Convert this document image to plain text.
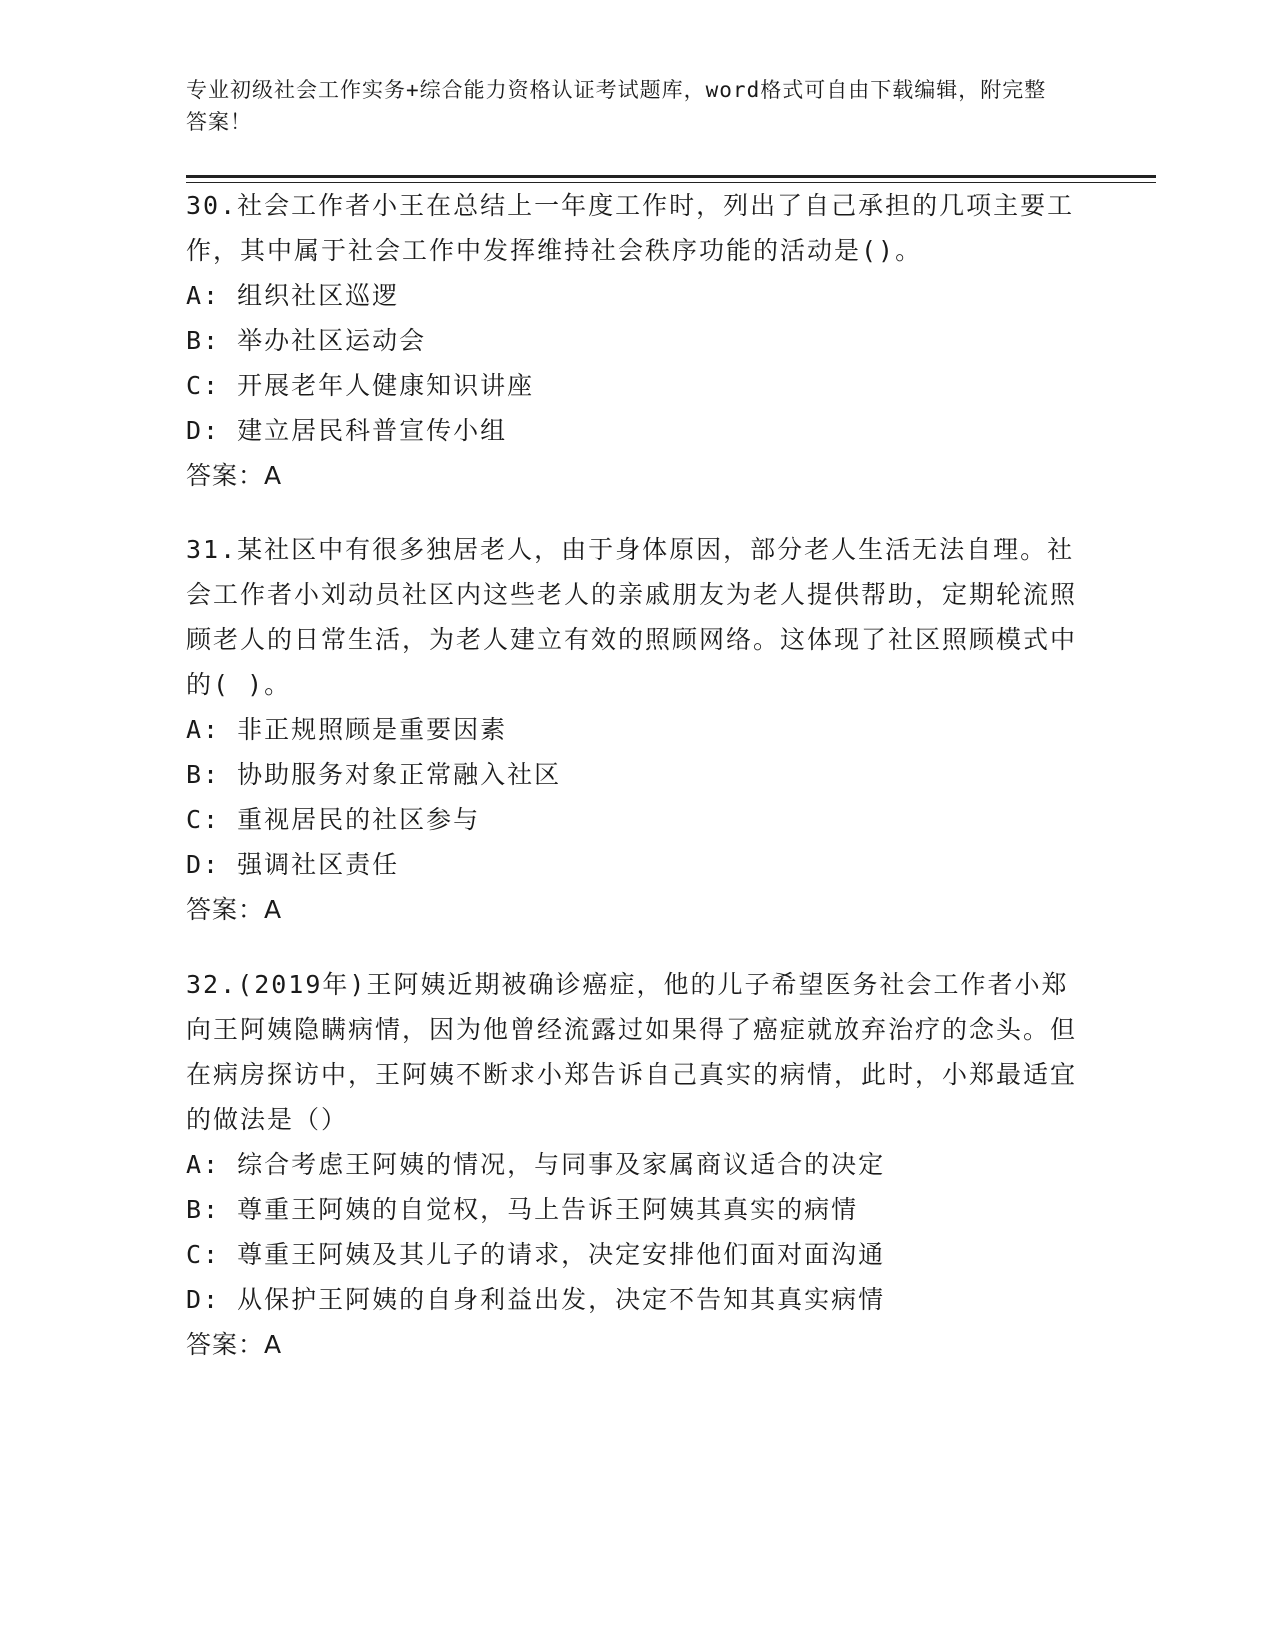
专业初级社会工作实务+综合能力资格认证考试题库，word格式可自由下载编辑，附完整答案！

30.社会工作者小王在总结上一年度工作时，列出了自己承担的几项主要工作，其中属于社会工作中发挥维持社会秩序功能的活动是()。

A: 组织社区巡逻
B: 举办社区运动会
C: 开展老年人健康知识讲座
D: 建立居民科普宣传小组
答案：A

31.某社区中有很多独居老人，由于身体原因，部分老人生活无法自理。社会工作者小刘动员社区内这些老人的亲戚朋友为老人提供帮助，定期轮流照顾老人的日常生活，为老人建立有效的照顾网络。这体现了社区照顾模式中的( )。

A: 非正规照顾是重要因素
B: 协助服务对象正常融入社区
C: 重视居民的社区参与
D: 强调社区责任
答案：A

32.(2019年)王阿姨近期被确诊癌症，他的儿子希望医务社会工作者小郑向王阿姨隐瞒病情，因为他曾经流露过如果得了癌症就放弃治疗的念头。但在病房探访中，王阿姨不断求小郑告诉自己真实的病情，此时，小郑最适宜的做法是（）

A: 综合考虑王阿姨的情况，与同事及家属商议适合的决定
B: 尊重王阿姨的自觉权，马上告诉王阿姨其真实的病情
C: 尊重王阿姨及其儿子的请求，决定安排他们面对面沟通
D: 从保护王阿姨的自身利益出发，决定不告知其真实病情
答案：A
